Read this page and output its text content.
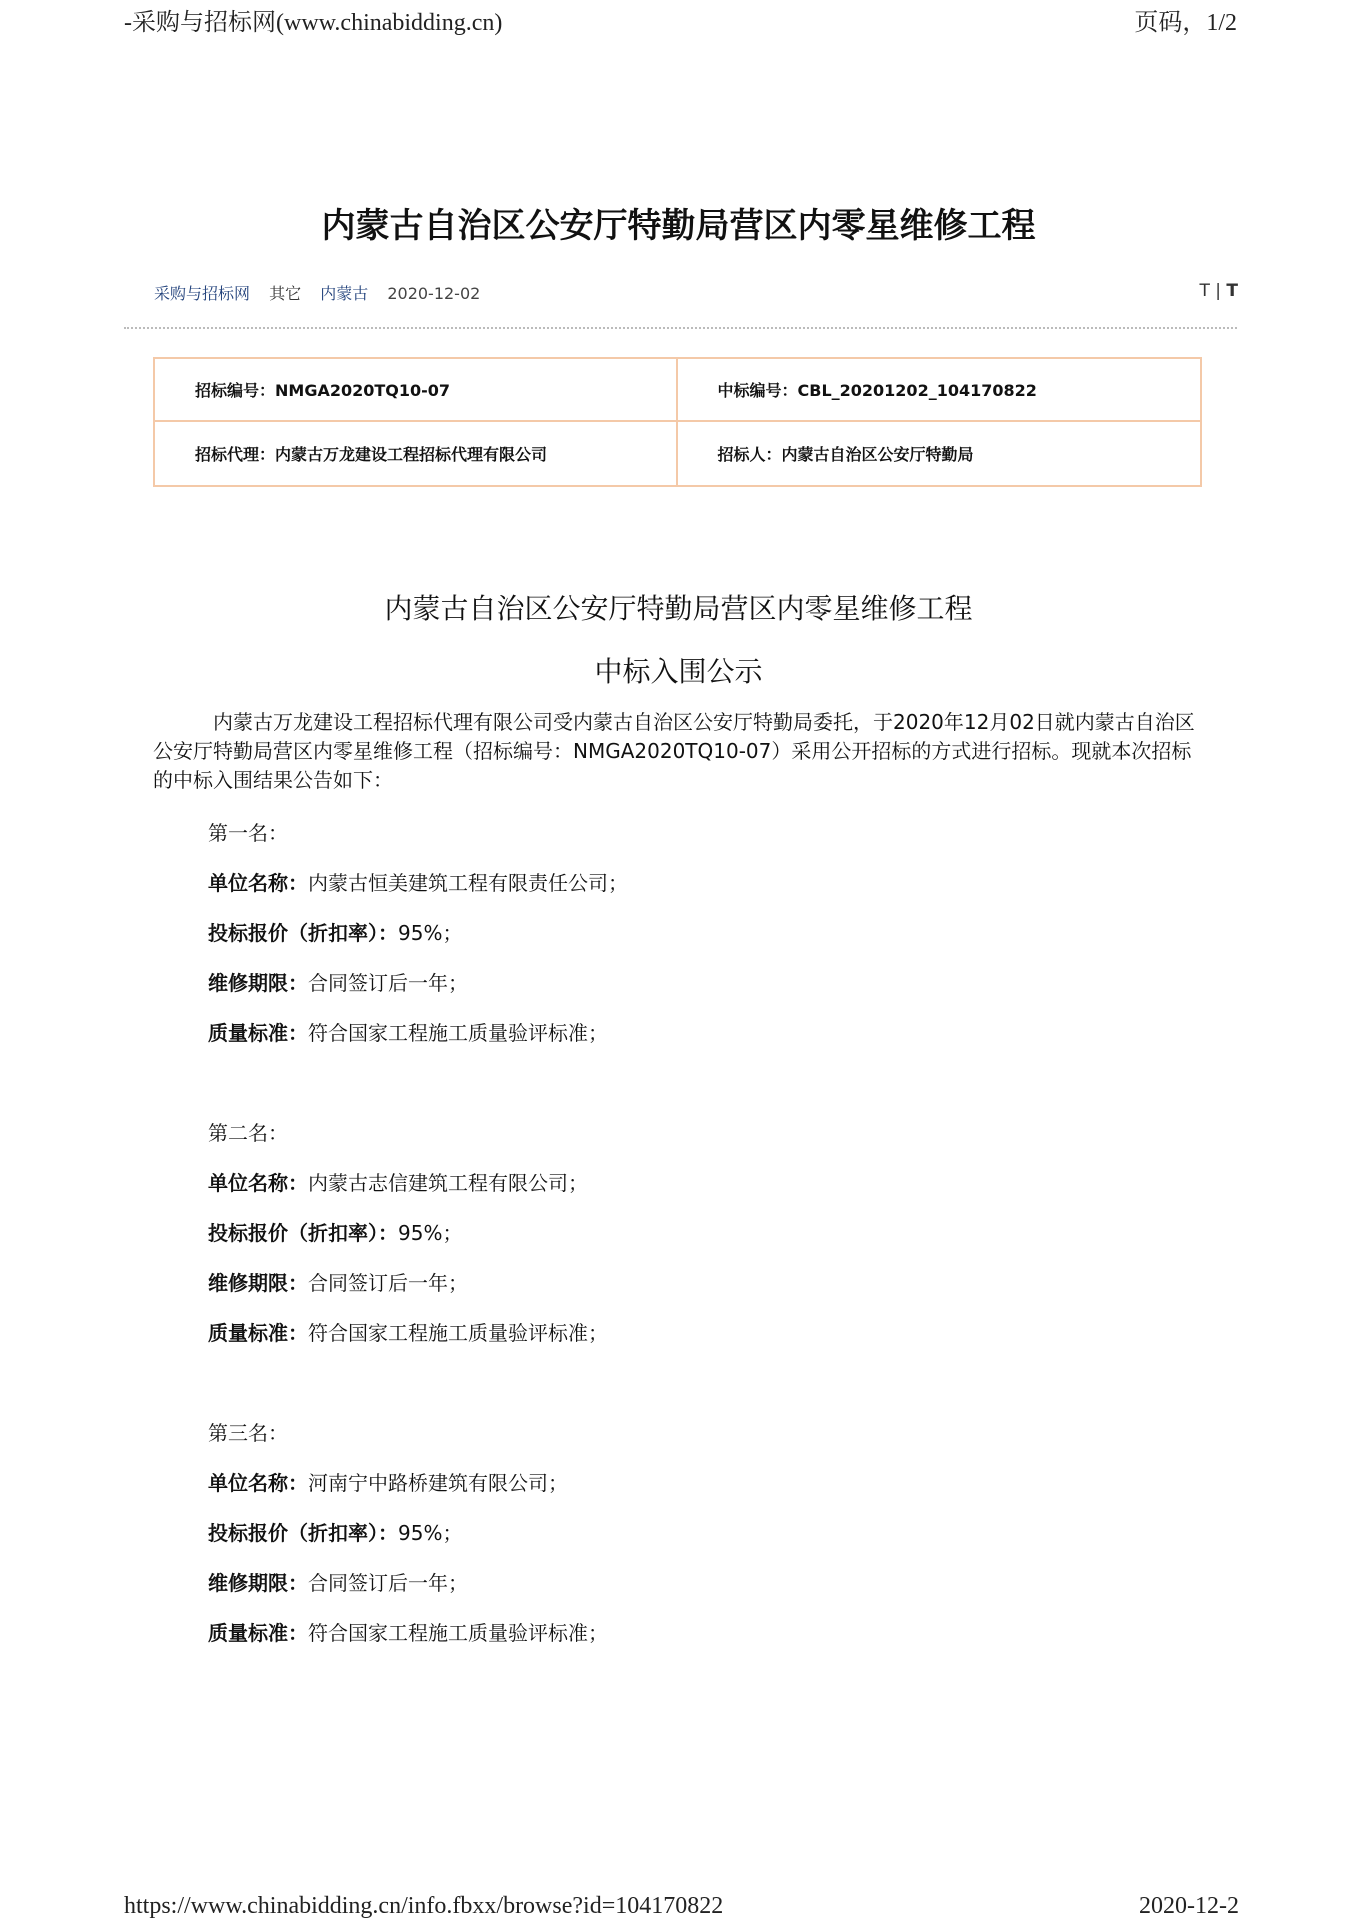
-采购与招标网(www.chinabidding.cn)	页码，1/2
内蒙古自治区公安厅特勤局营区内零星维修工程
采购与招标网 其它 内蒙古 2020-12-02	T | T
招标编号：NMGA2020TQ10-07	中标编号：CBL_20201202_104170822
招标代理：内蒙古万龙建设工程招标代理有限公司	招标人：内蒙古自治区公安厅特勤局
内蒙古自治区公安厅特勤局营区内零星维修工程
中标入围公示

内蒙古万龙建设工程招标代理有限公司受内蒙古自治区公安厅特勤局委托，于2020年12月02日就内蒙古自治区公安厅特勤局营区内零星维修工程（招标编号：NMGA2020TQ10-07）采用公开招标的方式进行招标。现就本次招标的中标入围结果公告如下：

第一名：
单位名称：内蒙古恒美建筑工程有限责任公司；
投标报价（折扣率）：95%；
维修期限：合同签订后一年；
质量标准：符合国家工程施工质量验评标准；
第二名：
单位名称：内蒙古志信建筑工程有限公司；
投标报价（折扣率）：95%；
维修期限：合同签订后一年；
质量标准：符合国家工程施工质量验评标准；
第三名：
单位名称：河南宁中路桥建筑有限公司；
投标报价（折扣率）：95%；
维修期限：合同签订后一年；
质量标准：符合国家工程施工质量验评标准；
https://www.chinabidding.cn/info.fbxx/browse?id=104170822	2020-12-2
